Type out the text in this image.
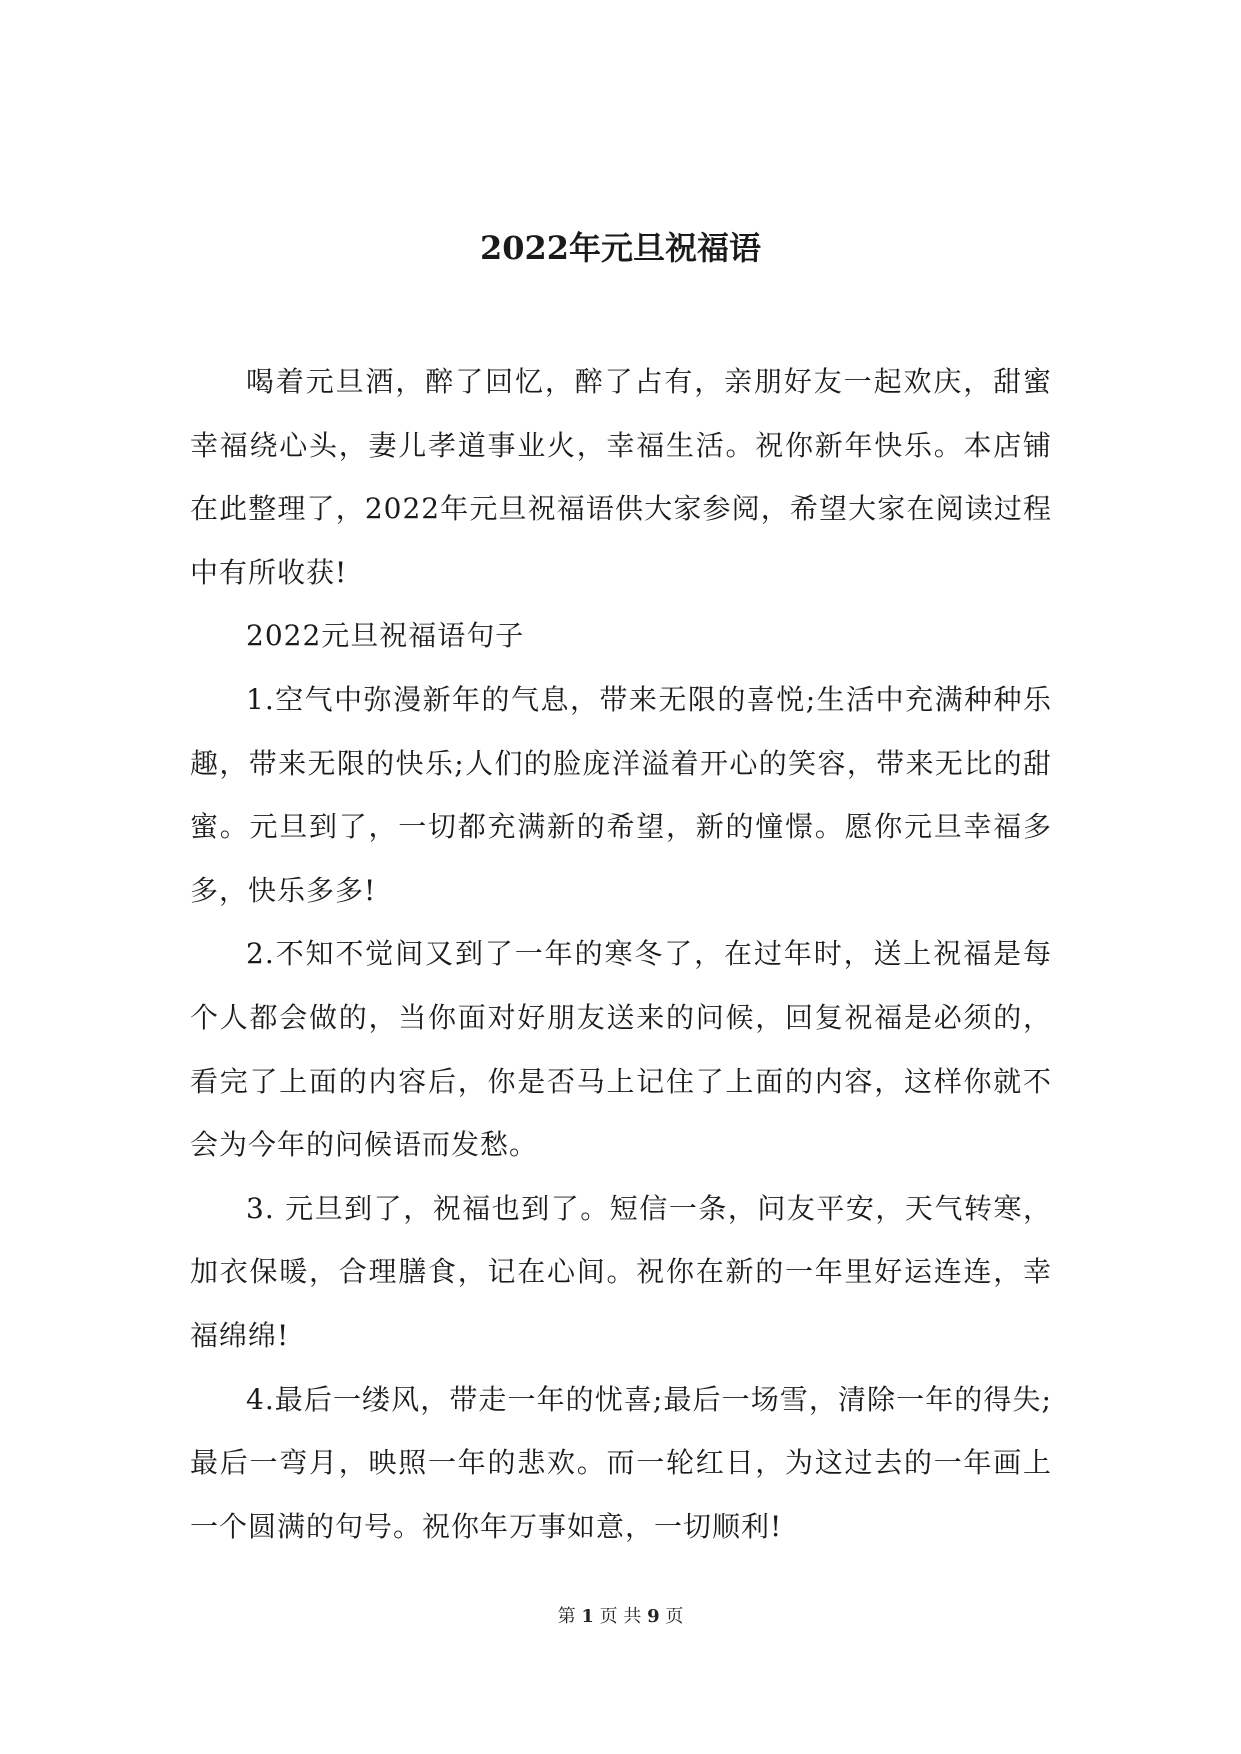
2022年元旦祝福语

喝着元旦酒，醉了回忆，醉了占有，亲朋好友一起欢庆，甜蜜幸福绕心头，妻儿孝道事业火，幸福生活。祝你新年快乐。本店铺在此整理了，2022年元旦祝福语供大家参阅，希望大家在阅读过程中有所收获!

2022元旦祝福语句子

1.空气中弥漫新年的气息，带来无限的喜悦;生活中充满种种乐趣，带来无限的快乐;人们的脸庞洋溢着开心的笑容，带来无比的甜蜜。元旦到了，一切都充满新的希望，新的憧憬。愿你元旦幸福多多，快乐多多!

2.不知不觉间又到了一年的寒冬了，在过年时，送上祝福是每个人都会做的，当你面对好朋友送来的问候，回复祝福是必须的，看完了上面的内容后，你是否马上记住了上面的内容，这样你就不会为今年的问候语而发愁。

3. 元旦到了，祝福也到了。短信一条，问友平安，天气转寒，加衣保暖，合理膳食，记在心间。祝你在新的一年里好运连连，幸福绵绵!

4.最后一缕风，带走一年的忧喜;最后一场雪，清除一年的得失;最后一弯月，映照一年的悲欢。而一轮红日，为这过去的一年画上一个圆满的句号。祝你年万事如意，一切顺利!

第 1 页 共 9 页
